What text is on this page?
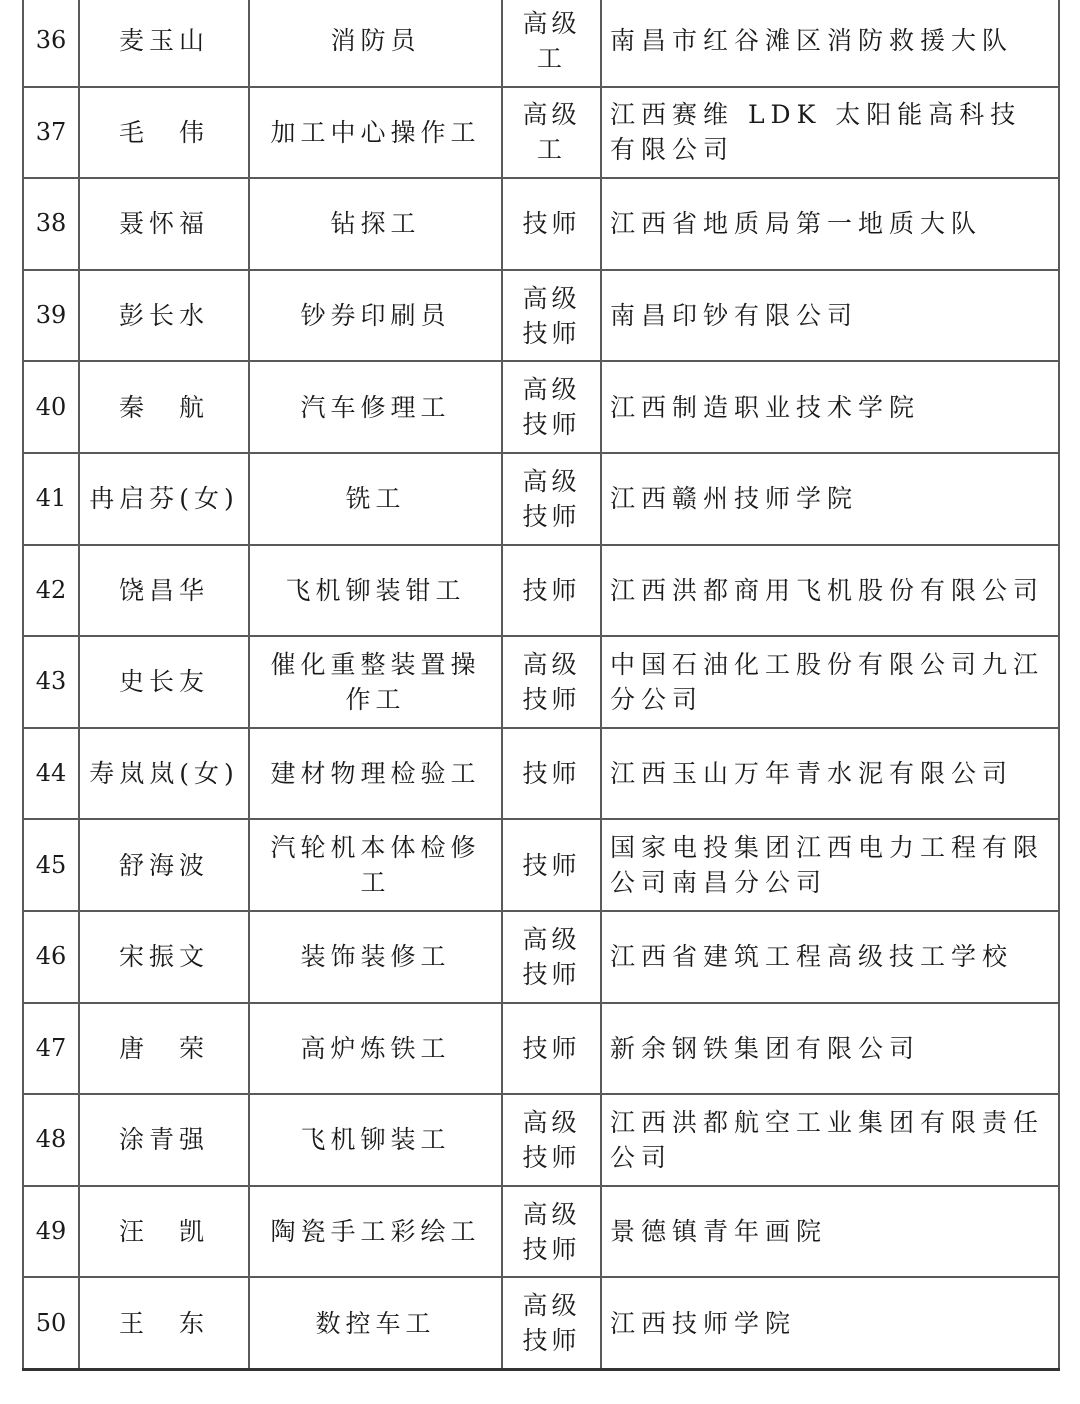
36	麦玉山	消防员	高级工	南昌市红谷滩区消防救援大队
37	毛　伟	加工中心操作工	高级工	江西赛维 LDK 太阳能高科技有限公司
38	聂怀福	钻探工	技师	江西省地质局第一地质大队
39	彭长水	钞券印刷员	高级技师	南昌印钞有限公司
40	秦　航	汽车修理工	高级技师	江西制造职业技术学院
41	冉启芬(女)	铣工	高级技师	江西赣州技师学院
42	饶昌华	飞机铆装钳工	技师	江西洪都商用飞机股份有限公司
43	史长友	催化重整装置操作工	高级技师	中国石油化工股份有限公司九江分公司
44	寿岚岚(女)	建材物理检验工	技师	江西玉山万年青水泥有限公司
45	舒海波	汽轮机本体检修工	技师	国家电投集团江西电力工程有限公司南昌分公司
46	宋振文	装饰装修工	高级技师	江西省建筑工程高级技工学校
47	唐　荣	高炉炼铁工	技师	新余钢铁集团有限公司
48	涂青强	飞机铆装工	高级技师	江西洪都航空工业集团有限责任公司
49	汪　凯	陶瓷手工彩绘工	高级技师	景德镇青年画院
50	王　东	数控车工	高级技师	江西技师学院
